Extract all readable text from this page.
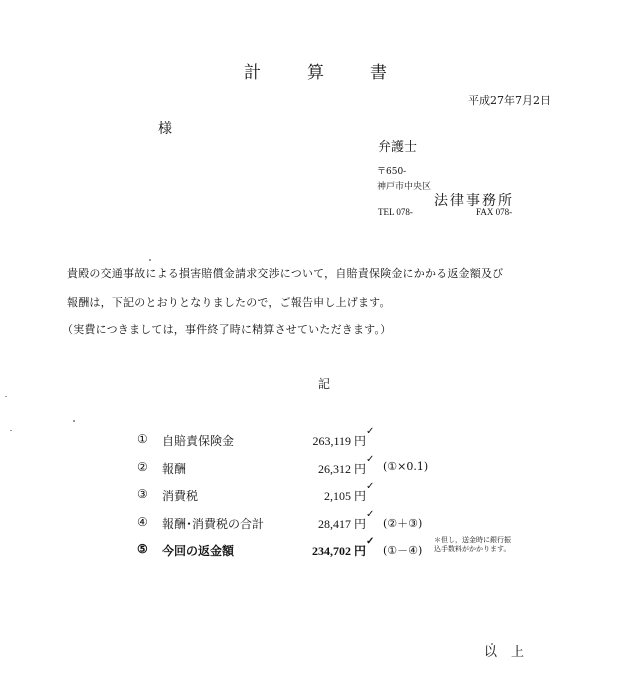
計	算	書
平成27年7月2日
様
弁護士
〒650-
神戸市中央区
法律事務所
TEL 078-	FAX 078-
貴殿の交通事故による損害賠償金請求交渉について，自賠責保険金にかかる返金額及び
報酬は，下記のとおりとなりましたので，ご報告申し上げます。
（実費につきましては，事件終了時に精算させていただきます。）
記
① 自賠責保険金	263,119 円
✓
② 報酬	26,312 円
✓
(①×0.1)
③ 消費税	2,105 円
✓
④ 報酬･消費税の合計	28,417 円
✓
(②＋③)
⑤ 今回の返金額	234,702 円
✓
(①－④)
＊但し，送金時に銀行振
込手数料がかかります。
以上
